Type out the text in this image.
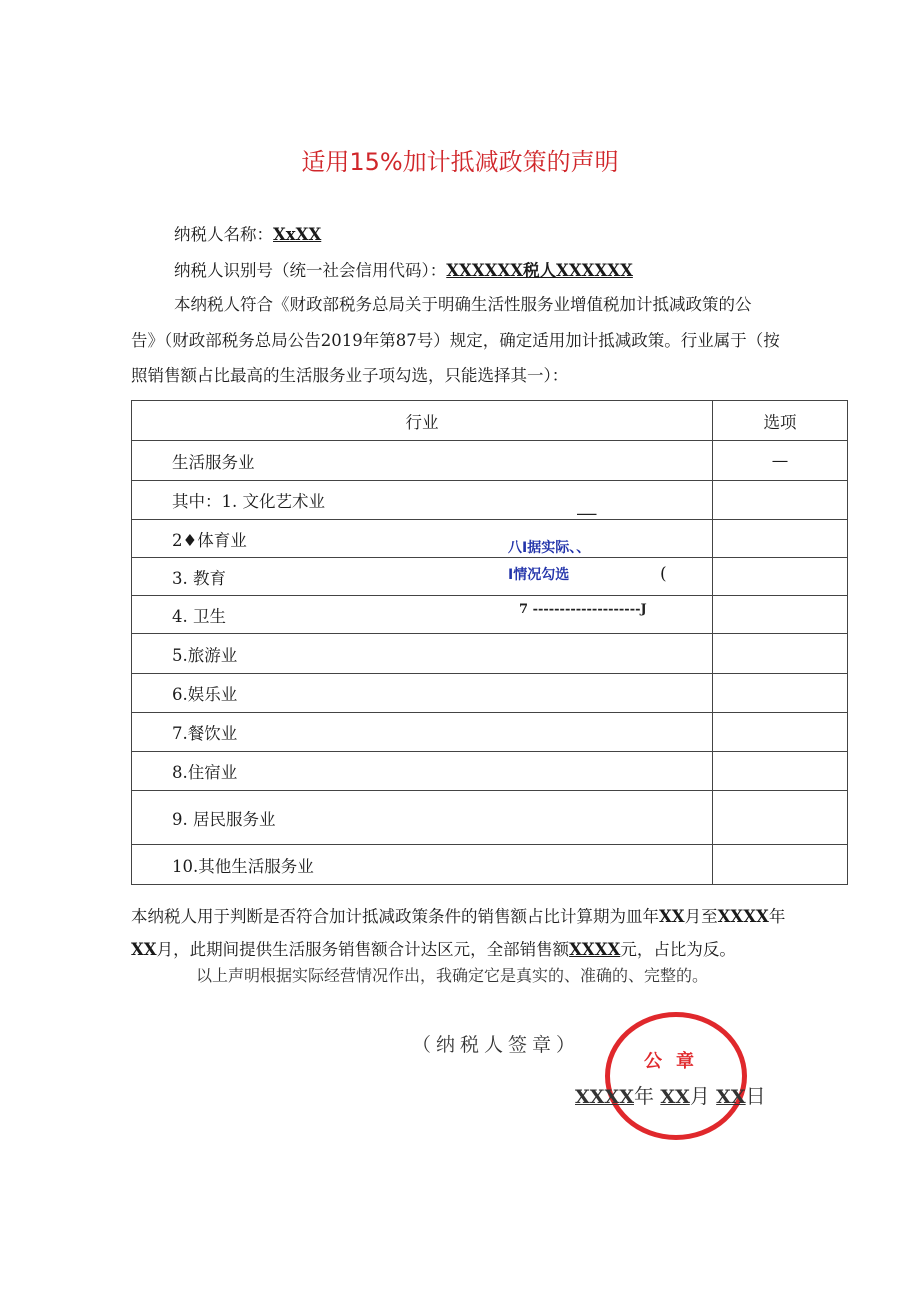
适用15%加计抵减政策的声明
纳税人名称：XxXX
纳税人识别号（统一社会信用代码）：XXXXXX税人XXXXXX
本纳税人符合《财政部税务总局关于明确生活性服务业增值税加计抵减政策的公
告》（财政部税务总局公告2019年第87号）规定，确定适用加计抵减政策。行业属于（按
照销售额占比最高的生活服务业子项勾选，只能选择其一）：
行业	选项
生活服务业	—
其中：1. 文化艺术业	
2♦体育业	
3. 教育	
4. 卫生	
5.旅游业	
6.娱乐业	
7.餐饮业	
8.住宿业	
9. 居民服务业	
10.其他生活服务业	
___
八I据实际、、
I情况勾选	(
7 --------------------J
本纳税人用于判断是否符合加计抵减政策条件的销售额占比计算期为皿年XX月至XXXX年
XX月，此期间提供生活服务销售额合计达区元，全部销售额XXXX元，占比为反。
以上声明根据实际经营情况作出，我确定它是真实的、准确的、完整的。
（纳税人签章）
公章
XXXX年 XX月 XX日
